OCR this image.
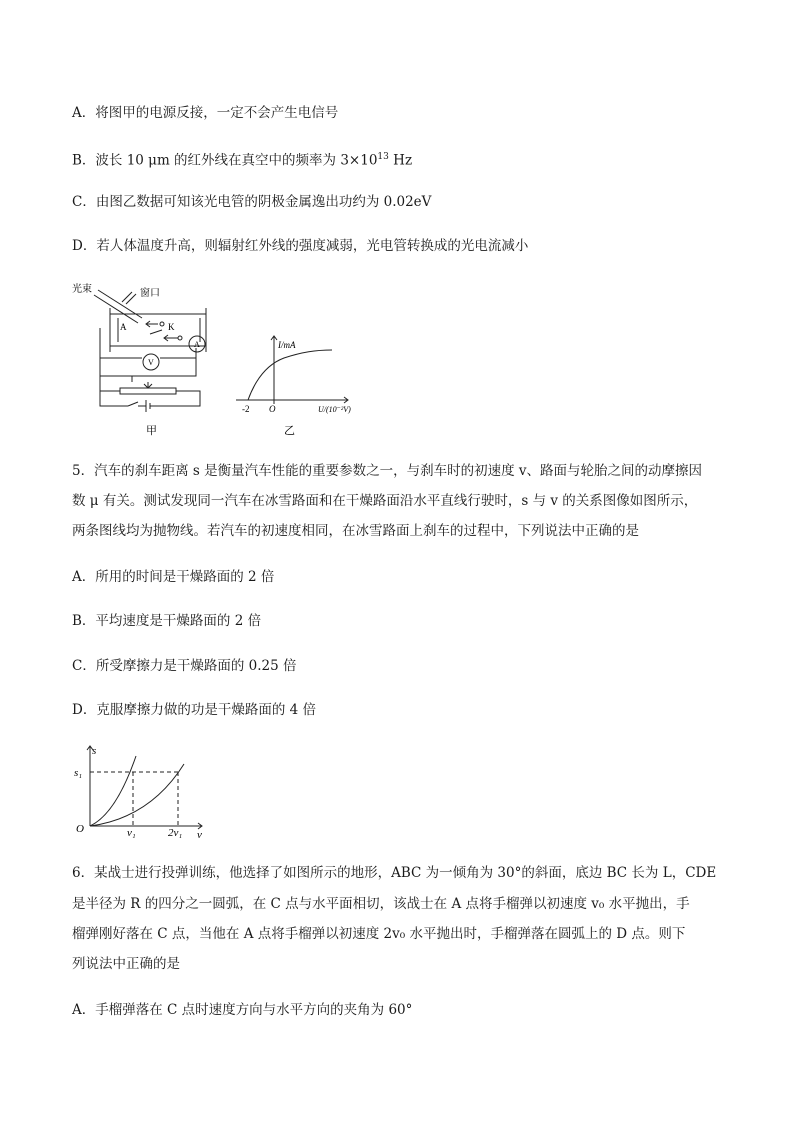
A．将图甲的电源反接，一定不会产生电信号
B．波长 10 μm 的红外线在真空中的频率为 $3\times 10^{13}$ Hz
C．由图乙数据可知该光电管的阴极金属逸出功约为 0.02eV
D．若人体温度升高，则辐射红外线的强度减弱，光电管转换成的光电流减小
光束	窗口
A	K
A
V
甲
I/mA
U/(10⁻²V)
-2 O
乙
5．汽车的刹车距离 s 是衡量汽车性能的重要参数之一，与刹车时的初速度 v、路面与轮胎之间的动摩擦因
数 μ 有关。测试发现同一汽车在冰雪路面和在干燥路面沿水平直线行驶时，s 与 v 的关系图像如图所示，
两条图线均为抛物线。若汽车的初速度相同，在冰雪路面上刹车的过程中，下列说法中正确的是
A．所用的时间是干燥路面的 2 倍
B．平均速度是干燥路面的 2 倍
C．所受摩擦力是干燥路面的 0.25 倍
D．克服摩擦力做的功是干燥路面的 4 倍
s
s₁
O	v₁	2v₁ v
6．某战士进行投弹训练，他选择了如图所示的地形，ABC 为一倾角为 30°的斜面，底边 BC 长为 L，CDE
是半径为 R 的四分之一圆弧，在 C 点与水平面相切，该战士在 A 点将手榴弹以初速度 v₀ 水平抛出，手
榴弹刚好落在 C 点，当他在 A 点将手榴弹以初速度 2v₀ 水平抛出时，手榴弹落在圆弧上的 D 点。则下
列说法中正确的是
A．手榴弹落在 C 点时速度方向与水平方向的夹角为 60°
